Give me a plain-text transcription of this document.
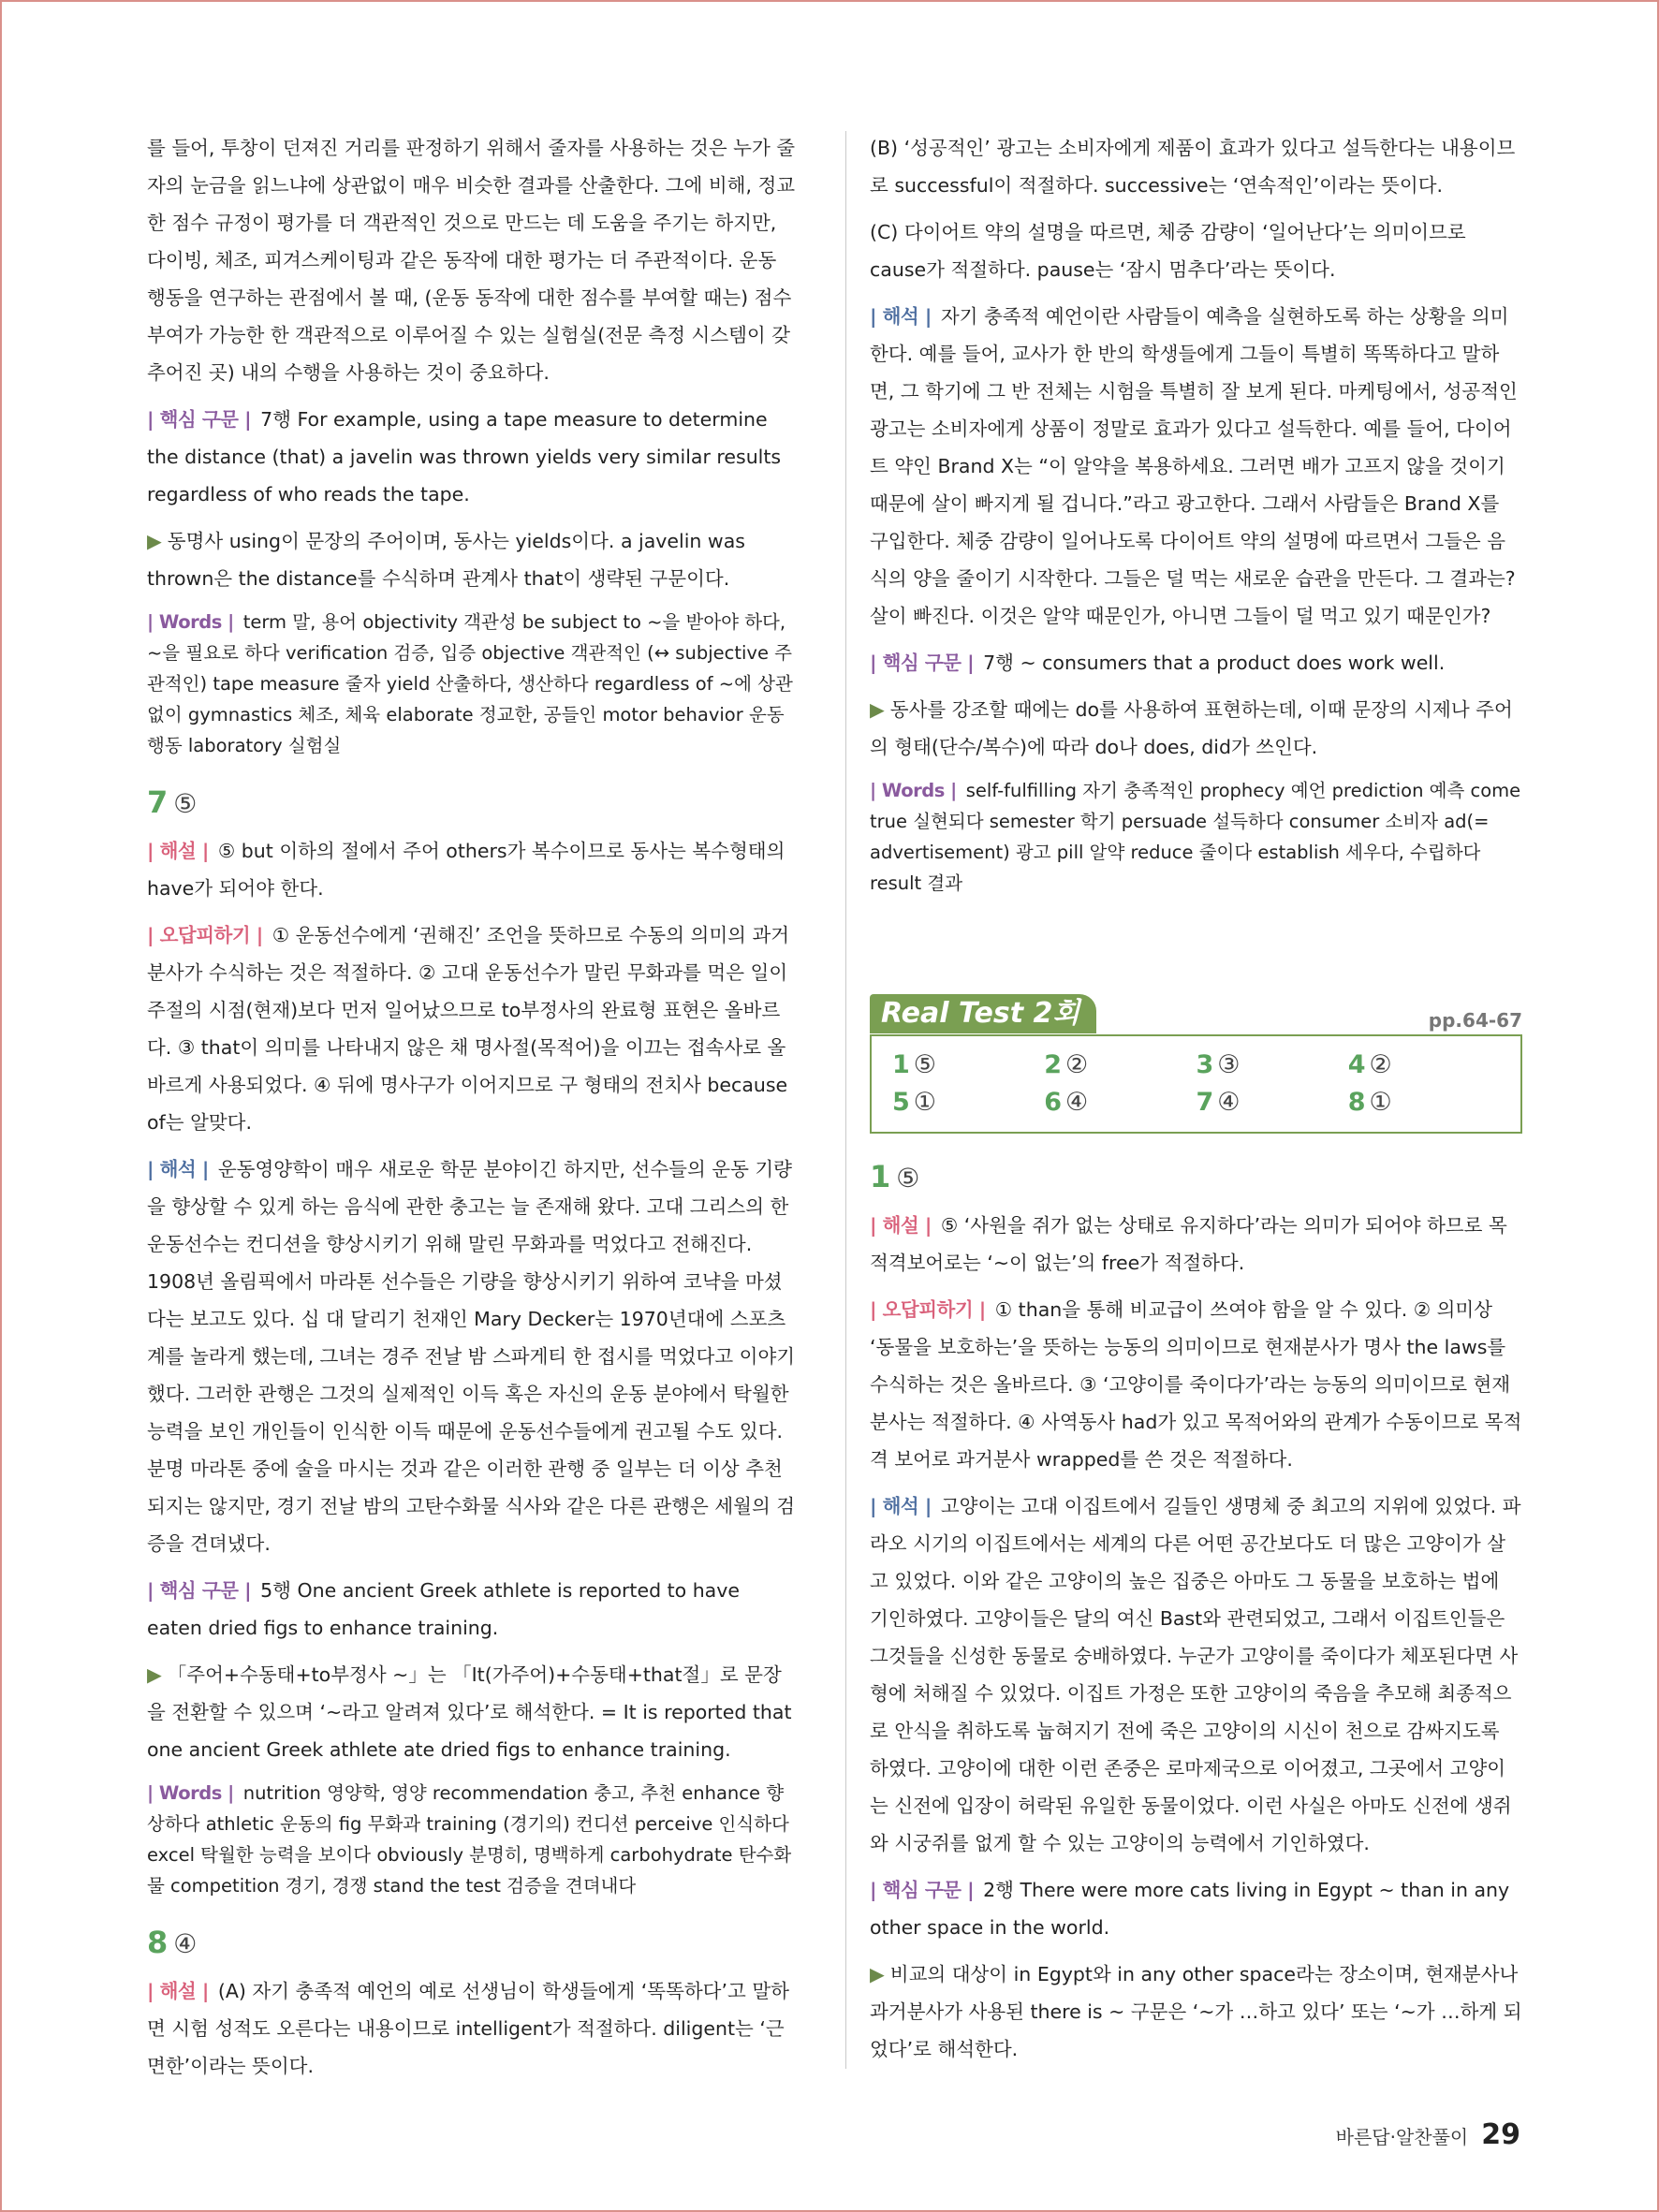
를 들어, 투창이 던져진 거리를 판정하기 위해서 줄자를 사용하는 것은 누가 줄자의 눈금을 읽느냐에 상관없이 매우 비슷한 결과를 산출한다. 그에 비해, 정교한 점수 규정이 평가를 더 객관적인 것으로 만드는 데 도움을 주기는 하지만, 다이빙, 체조, 피겨스케이팅과 같은 동작에 대한 평가는 더 주관적이다. 운동 행동을 연구하는 관점에서 볼 때, (운동 동작에 대한 점수를 부여할 때는) 점수 부여가 가능한 한 객관적으로 이루어질 수 있는 실험실(전문 측정 시스템이 갖추어진 곳) 내의 수행을 사용하는 것이 중요하다.

| 핵심 구문 | 7행 For example, using a tape measure to determine the distance (that) a javelin was thrown yields very similar results regardless of who reads the tape.

▶ 동명사 using이 문장의 주어이며, 동사는 yields이다. a javelin was thrown은 the distance를 수식하며 관계사 that이 생략된 구문이다.

| Words | term 말, 용어 objectivity 객관성 be subject to ~을 받아야 하다, ~을 필요로 하다 verification 검증, 입증 objective 객관적인 (↔ subjective 주관적인) tape measure 줄자 yield 산출하다, 생산하다 regardless of ~에 상관없이 gymnastics 체조, 체육 elaborate 정교한, 공들인 motor behavior 운동 행동 laboratory 실험실

7 ⑤

| 해설 | ⑤ but 이하의 절에서 주어 others가 복수이므로 동사는 복수형태의 have가 되어야 한다.

| 오답피하기 | ① 운동선수에게 ‘권해진’ 조언을 뜻하므로 수동의 의미의 과거분사가 수식하는 것은 적절하다. ② 고대 운동선수가 말린 무화과를 먹은 일이 주절의 시점(현재)보다 먼저 일어났으므로 to부정사의 완료형 표현은 올바르다. ③ that이 의미를 나타내지 않은 채 명사절(목적어)을 이끄는 접속사로 올바르게 사용되었다. ④ 뒤에 명사구가 이어지므로 구 형태의 전치사 because of는 알맞다.

| 해석 | 운동영양학이 매우 새로운 학문 분야이긴 하지만, 선수들의 운동 기량을 향상할 수 있게 하는 음식에 관한 충고는 늘 존재해 왔다. 고대 그리스의 한 운동선수는 컨디션을 향상시키기 위해 말린 무화과를 먹었다고 전해진다. 1908년 올림픽에서 마라톤 선수들은 기량을 향상시키기 위하여 코냑을 마셨다는 보고도 있다. 십 대 달리기 천재인 Mary Decker는 1970년대에 스포츠계를 놀라게 했는데, 그녀는 경주 전날 밤 스파게티 한 접시를 먹었다고 이야기했다. 그러한 관행은 그것의 실제적인 이득 혹은 자신의 운동 분야에서 탁월한 능력을 보인 개인들이 인식한 이득 때문에 운동선수들에게 권고될 수도 있다. 분명 마라톤 중에 술을 마시는 것과 같은 이러한 관행 중 일부는 더 이상 추천되지는 않지만, 경기 전날 밤의 고탄수화물 식사와 같은 다른 관행은 세월의 검증을 견뎌냈다.

| 핵심 구문 | 5행 One ancient Greek athlete is reported to have eaten dried figs to enhance training.

▶ 「주어+수동태+to부정사 ~」는 「It(가주어)+수동태+that절」로 문장을 전환할 수 있으며 ‘~라고 알려져 있다’로 해석한다. = It is reported that one ancient Greek athlete ate dried figs to enhance training.

| Words | nutrition 영양학, 영양 recommendation 충고, 추천 enhance 향상하다 athletic 운동의 fig 무화과 training (경기의) 컨디션 perceive 인식하다 excel 탁월한 능력을 보이다 obviously 분명히, 명백하게 carbohydrate 탄수화물 competition 경기, 경쟁 stand the test 검증을 견뎌내다

8 ④

| 해설 | (A) 자기 충족적 예언의 예로 선생님이 학생들에게 ‘똑똑하다’고 말하면 시험 성적도 오른다는 내용이므로 intelligent가 적절하다. diligent는 ‘근면한’이라는 뜻이다.

(B) ‘성공적인’ 광고는 소비자에게 제품이 효과가 있다고 설득한다는 내용이므로 successful이 적절하다. successive는 ‘연속적인’이라는 뜻이다.

(C) 다이어트 약의 설명을 따르면, 체중 감량이 ‘일어난다’는 의미이므로 cause가 적절하다. pause는 ‘잠시 멈추다’라는 뜻이다.

| 해석 | 자기 충족적 예언이란 사람들이 예측을 실현하도록 하는 상황을 의미한다. 예를 들어, 교사가 한 반의 학생들에게 그들이 특별히 똑똑하다고 말하면, 그 학기에 그 반 전체는 시험을 특별히 잘 보게 된다. 마케팅에서, 성공적인 광고는 소비자에게 상품이 정말로 효과가 있다고 설득한다. 예를 들어, 다이어트 약인 Brand X는 “이 알약을 복용하세요. 그러면 배가 고프지 않을 것이기 때문에 살이 빠지게 될 겁니다.”라고 광고한다. 그래서 사람들은 Brand X를 구입한다. 체중 감량이 일어나도록 다이어트 약의 설명에 따르면서 그들은 음식의 양을 줄이기 시작한다. 그들은 덜 먹는 새로운 습관을 만든다. 그 결과는? 살이 빠진다. 이것은 알약 때문인가, 아니면 그들이 덜 먹고 있기 때문인가?

| 핵심 구문 | 7행 ~ consumers that a product does work well.

▶ 동사를 강조할 때에는 do를 사용하여 표현하는데, 이때 문장의 시제나 주어의 형태(단수/복수)에 따라 do나 does, did가 쓰인다.

| Words | self-fulfilling 자기 충족적인 prophecy 예언 prediction 예측 come true 실현되다 semester 학기 persuade 설득하다 consumer 소비자 ad(= advertisement) 광고 pill 알약 reduce 줄이다 establish 세우다, 수립하다 result 결과

Real Test 2회	pp.64-67
1 ⑤	2 ②	3 ③	4 ②
5 ①	6 ④	7 ④	8 ①
1 ⑤

| 해설 | ⑤ ‘사원을 쥐가 없는 상태로 유지하다’라는 의미가 되어야 하므로 목적격보어로는 ‘~이 없는’의 free가 적절하다.

| 오답피하기 | ① than을 통해 비교급이 쓰여야 함을 알 수 있다. ② 의미상 ‘동물을 보호하는’을 뜻하는 능동의 의미이므로 현재분사가 명사 the laws를 수식하는 것은 올바르다. ③ ‘고양이를 죽이다가’라는 능동의 의미이므로 현재분사는 적절하다. ④ 사역동사 had가 있고 목적어와의 관계가 수동이므로 목적격 보어로 과거분사 wrapped를 쓴 것은 적절하다.

| 해석 | 고양이는 고대 이집트에서 길들인 생명체 중 최고의 지위에 있었다. 파라오 시기의 이집트에서는 세계의 다른 어떤 공간보다도 더 많은 고양이가 살고 있었다. 이와 같은 고양이의 높은 집중은 아마도 그 동물을 보호하는 법에 기인하였다. 고양이들은 달의 여신 Bast와 관련되었고, 그래서 이집트인들은 그것들을 신성한 동물로 숭배하였다. 누군가 고양이를 죽이다가 체포된다면 사형에 처해질 수 있었다. 이집트 가정은 또한 고양이의 죽음을 추모해 최종적으로 안식을 취하도록 눕혀지기 전에 죽은 고양이의 시신이 천으로 감싸지도록 하였다. 고양이에 대한 이런 존중은 로마제국으로 이어졌고, 그곳에서 고양이는 신전에 입장이 허락된 유일한 동물이었다. 이런 사실은 아마도 신전에 생쥐와 시궁쥐를 없게 할 수 있는 고양이의 능력에서 기인하였다.

| 핵심 구문 | 2행 There were more cats living in Egypt ~ than in any other space in the world.

▶ 비교의 대상이 in Egypt와 in any other space라는 장소이며, 현재분사나 과거분사가 사용된 there is ~ 구문은 ‘~가 …하고 있다’ 또는 ‘~가 …하게 되었다’로 해석한다.

바른답·알찬풀이 29
